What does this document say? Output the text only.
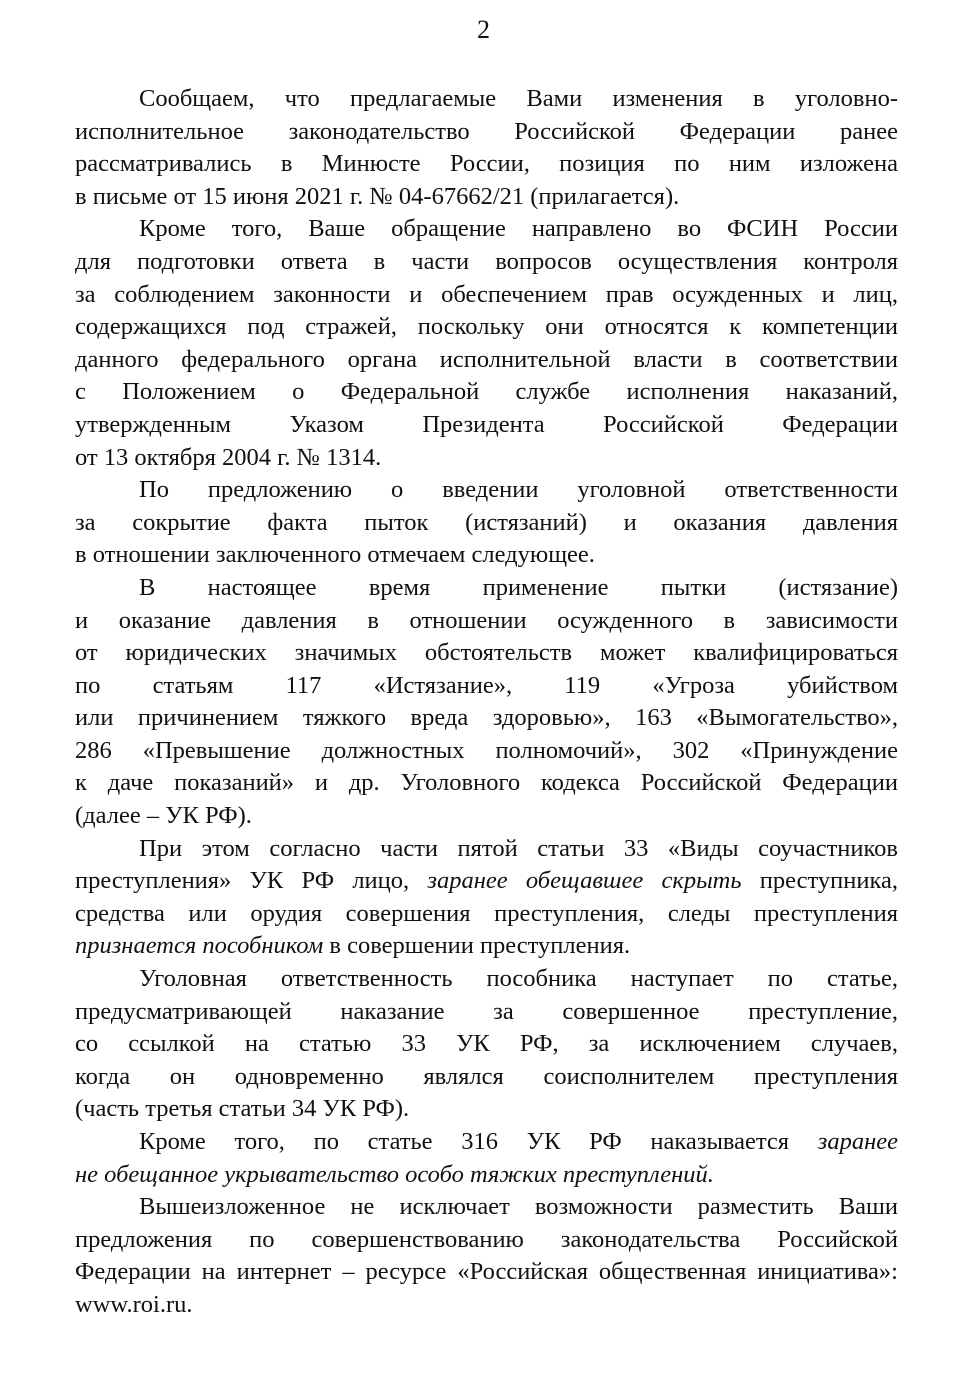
2
Сообщаем, что предлагаемые Вами изменения в уголовно-
исполнительное законодательство Российской Федерации ранее
рассматривались в Минюсте России, позиция по ним изложена
в письме от 15 июня 2021 г. № 04-67662/21 (прилагается).
Кроме того, Ваше обращение направлено во ФСИН России
для подготовки ответа в части вопросов осуществления контроля
за соблюдением законности и обеспечением прав осужденных и лиц,
содержащихся под стражей, поскольку они относятся к компетенции
данного федерального органа исполнительной власти в соответствии
с Положением о Федеральной службе исполнения наказаний,
утвержденным Указом Президента Российской Федерации
от 13 октября 2004 г. № 1314.
По предложению о введении уголовной ответственности
за сокрытие факта пыток (истязаний) и оказания давления
в отношении заключенного отмечаем следующее.
В настоящее время применение пытки (истязание)
и оказание давления в отношении осужденного в зависимости
от юридических значимых обстоятельств может квалифицироваться
по статьям 117 «Истязание», 119 «Угроза убийством
или причинением тяжкого вреда здоровью», 163 «Вымогательство»,
286 «Превышение должностных полномочий», 302 «Принуждение
к даче показаний» и др. Уголовного кодекса Российской Федерации
(далее – УК РФ).
При этом согласно части пятой статьи 33 «Виды соучастников
преступления» УК РФ лицо, заранее обещавшее скрыть преступника,
средства или орудия совершения преступления, следы преступления
признается пособником в совершении преступления.
Уголовная ответственность пособника наступает по статье,
предусматривающей наказание за совершенное преступление,
со ссылкой на статью 33 УК РФ, за исключением случаев,
когда он одновременно являлся соисполнителем преступления
(часть третья статьи 34 УК РФ).
Кроме того, по статье 316 УК РФ наказывается заранее
не обещанное укрывательство особо тяжких преступлений.
Вышеизложенное не исключает возможности разместить Ваши
предложения по совершенствованию законодательства Российской
Федерации на интернет – ресурсе «Российская общественная инициатива»:
www.roi.ru.
